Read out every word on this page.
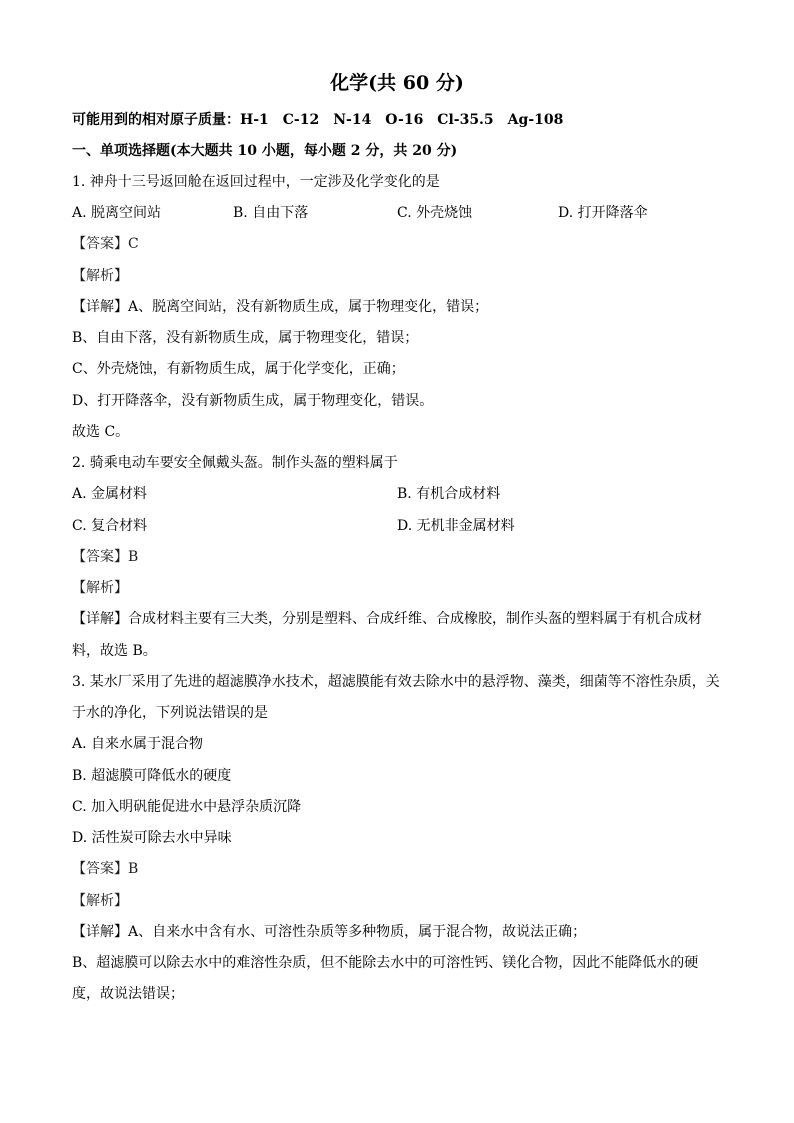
化学(共 60 分)
可能用到的相对原子质量：H-1　C-12　N-14　O-16　Cl-35.5　Ag-108
一、单项选择题(本大题共 10 小题，每小题 2 分，共 20 分)
1. 神舟十三号返回舱在返回过程中，一定涉及化学变化的是
A. 脱离空间站	B. 自由下落	C. 外壳烧蚀	D. 打开降落伞
【答案】C
【解析】
【详解】A、脱离空间站，没有新物质生成，属于物理变化，错误；
B、自由下落，没有新物质生成，属于物理变化，错误；
C、外壳烧蚀，有新物质生成，属于化学变化，正确；
D、打开降落伞，没有新物质生成，属于物理变化，错误。
故选 C。
2. 骑乘电动车要安全佩戴头盔。制作头盔的塑料属于
A. 金属材料	B. 有机合成材料
C. 复合材料	D. 无机非金属材料
【答案】B
【解析】
【详解】合成材料主要有三大类，分别是塑料、合成纤维、合成橡胶，制作头盔的塑料属于有机合成材
料，故选 B。
3. 某水厂采用了先进的超滤膜净水技术，超滤膜能有效去除水中的悬浮物、藻类，细菌等不溶性杂质，关
于水的净化，下列说法错误的是
A. 自来水属于混合物
B. 超滤膜可降低水的硬度
C. 加入明矾能促进水中悬浮杂质沉降
D. 活性炭可除去水中异味
【答案】B
【解析】
【详解】A、自来水中含有水、可溶性杂质等多种物质，属于混合物，故说法正确；
B、超滤膜可以除去水中的难溶性杂质，但不能除去水中的可溶性钙、镁化合物，因此不能降低水的硬
度，故说法错误；
